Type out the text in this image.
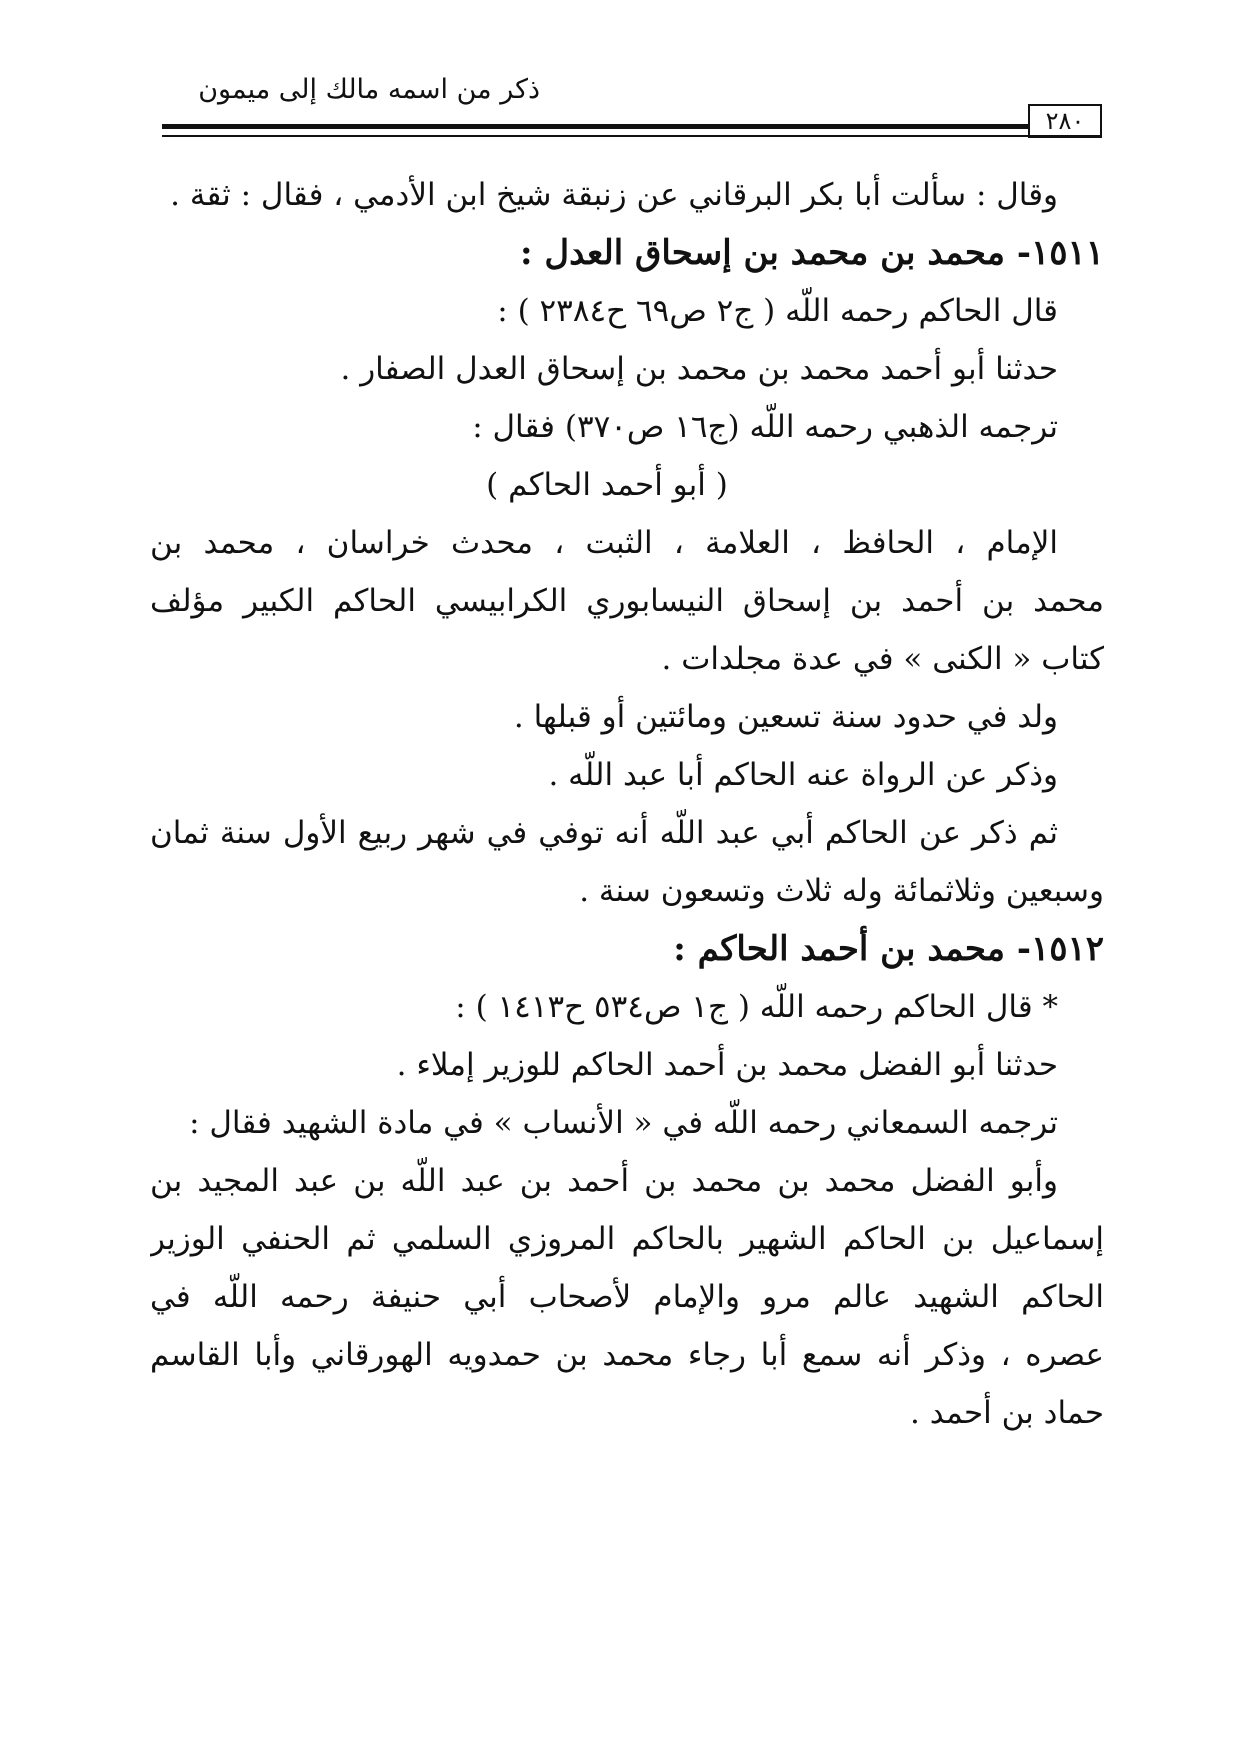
ذكر من اسمه مالك إلى ميمون
٢٨٠
وقال : سألت أبا بكر البرقاني عن زنبقة شيخ ابن الأدمي ، فقال : ثقة .
١٥١١- محمد بن محمد بن إسحاق العدل :
قال الحاكم رحمه اللّه ( ج٢ ص٦٩ ح٢٣٨٤ ) :
حدثنا أبو أحمد محمد بن محمد بن إسحاق العدل الصفار .
ترجمه الذهبي رحمه اللّه (ج١٦ ص٣٧٠) فقال :
( أبو أحمد الحاكم )
الإمام ، الحافظ ، العلامة ، الثبت ، محدث خراسان ، محمد بن
محمد بن أحمد بن إسحاق النيسابوري الكرابيسي الحاكم الكبير مؤلف
كتاب « الكنى » في عدة مجلدات .
ولد في حدود سنة تسعين ومائتين أو قبلها .
وذكر عن الرواة عنه الحاكم أبا عبد اللّه .
ثم ذكر عن الحاكم أبي عبد اللّه أنه توفي في شهر ربيع الأول سنة ثمان
وسبعين وثلاثمائة وله ثلاث وتسعون سنة .
١٥١٢- محمد بن أحمد الحاكم :
* قال الحاكم رحمه اللّه ( ج١ ص٥٣٤ ح١٤١٣ ) :
حدثنا أبو الفضل محمد بن أحمد الحاكم للوزير إملاء .
ترجمه السمعاني رحمه اللّه في « الأنساب » في مادة الشهيد فقال :
وأبو الفضل محمد بن محمد بن أحمد بن عبد اللّه بن عبد المجيد بن
إسماعيل بن الحاكم الشهير بالحاكم المروزي السلمي ثم الحنفي الوزير
الحاكم الشهيد عالم مرو والإمام لأصحاب أبي حنيفة رحمه اللّه في
عصره ، وذكر أنه سمع أبا رجاء محمد بن حمدويه الهورقاني وأبا القاسم
حماد بن أحمد .
